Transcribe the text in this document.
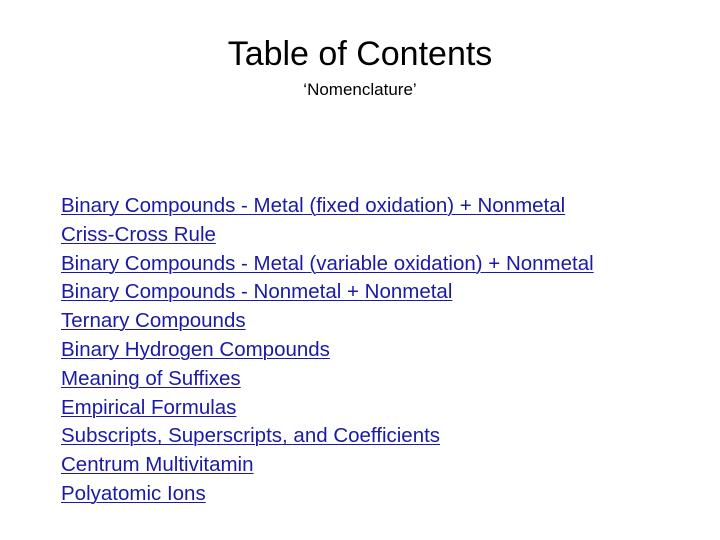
Table of Contents
‘Nomenclature’
Binary Compounds - Metal (fixed oxidation) + Nonmetal
Criss-Cross Rule
Binary Compounds - Metal (variable oxidation) + Nonmetal
Binary Compounds - Nonmetal + Nonmetal
Ternary Compounds
Binary Hydrogen Compounds
Meaning of Suffixes
Empirical Formulas
Subscripts, Superscripts, and Coefficients
Centrum Multivitamin
Polyatomic Ions
